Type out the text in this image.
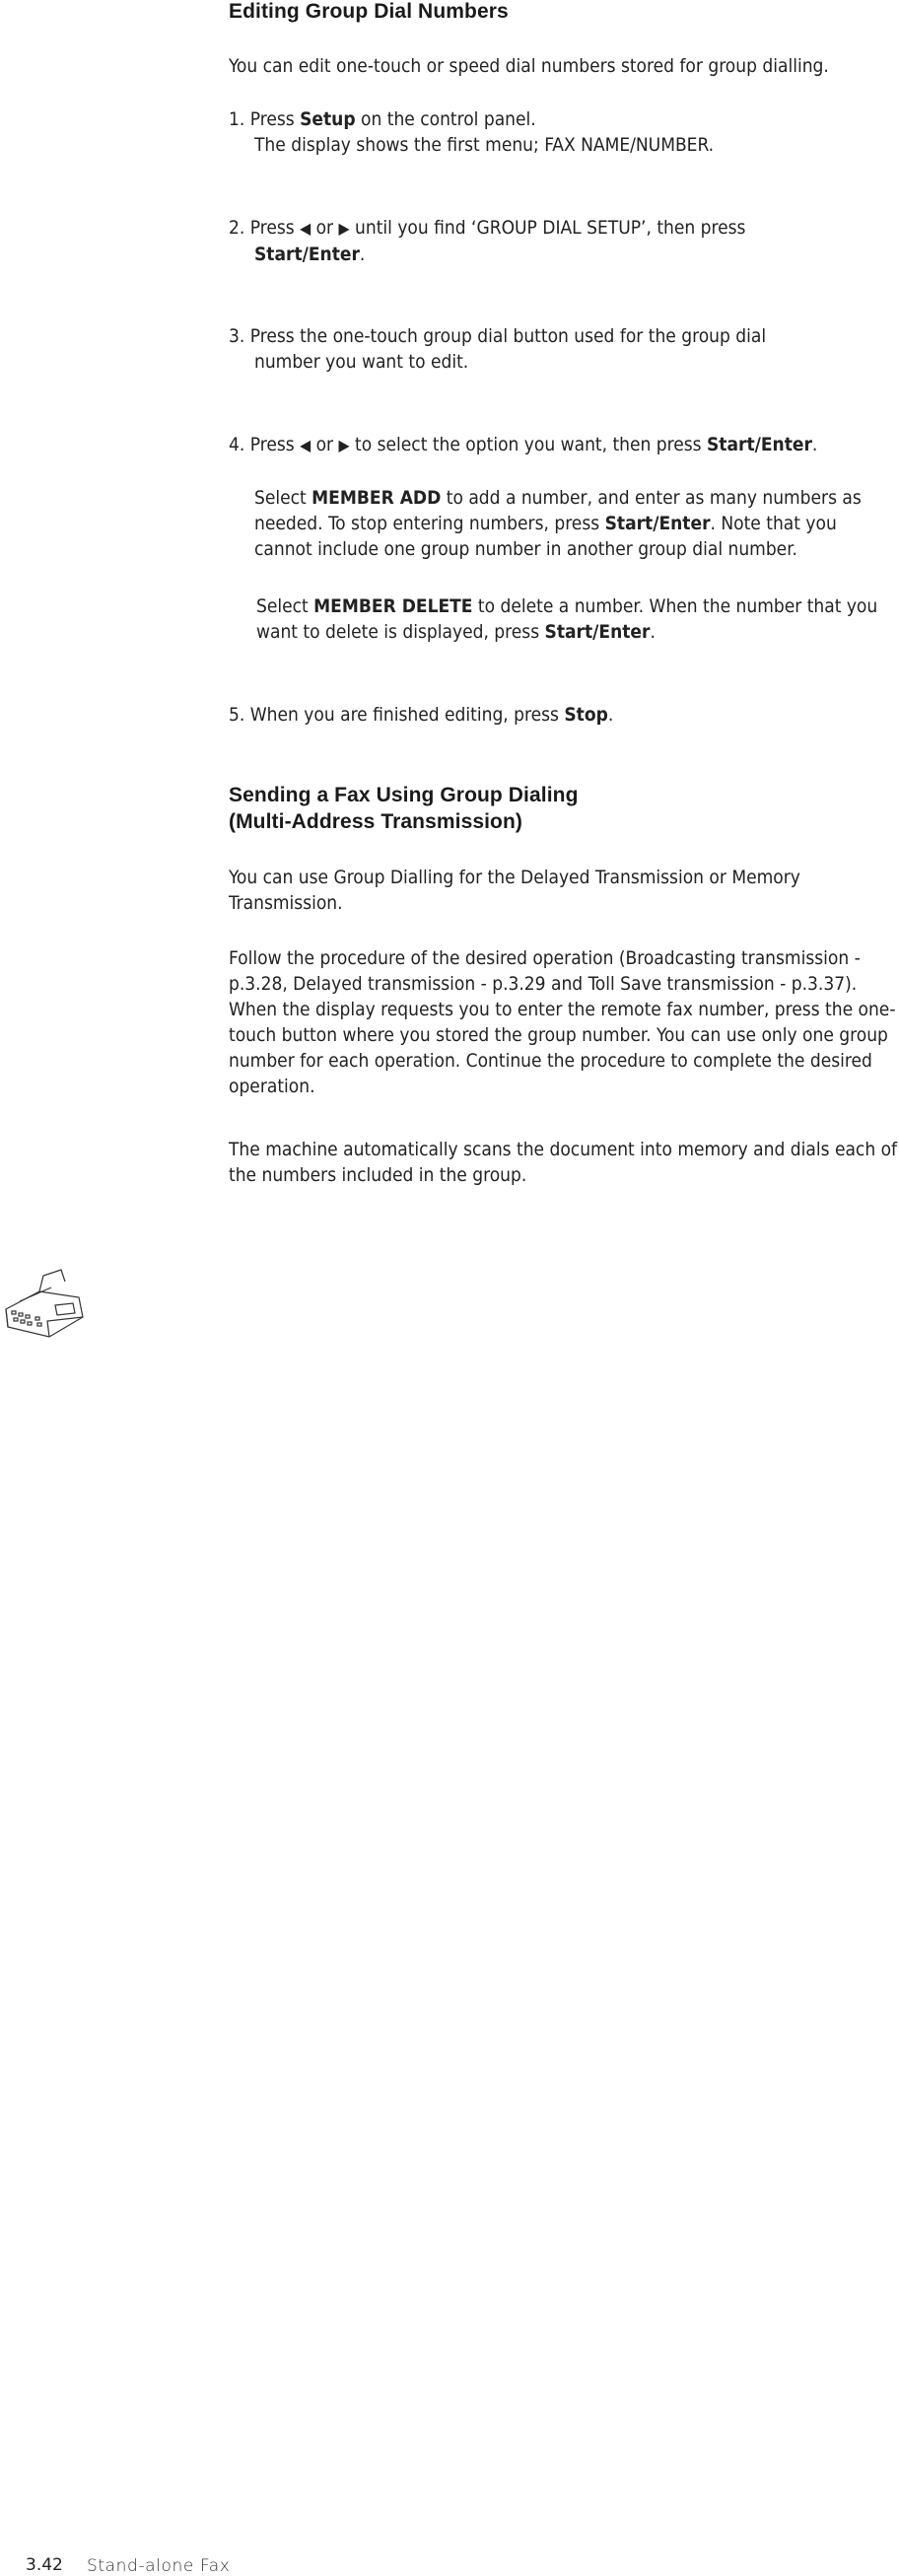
Editing Group Dial Numbers

You can edit one-touch or speed dial numbers stored for group dialling.

1. Press Setup on the control panel.
The display shows the first menu; FAX NAME/NUMBER.
2. Press ◀ or ▶ until you find ‘GROUP DIAL SETUP’, then press
Start/Enter.
3. Press the one-touch group dial button used for the group dial
number you want to edit.
4. Press ◀ or ▶ to select the option you want, then press Start/Enter.
Select MEMBER ADD to add a number, and enter as many numbers as needed. To stop entering numbers, press Start/Enter. Note that you cannot include one group number in another group dial number.
Select MEMBER DELETE to delete a number. When the number that you want to delete is displayed, press Start/Enter.
5. When you are finished editing, press Stop.
Sending a Fax Using Group Dialing
(Multi-Address Transmission)

You can use Group Dialling for the Delayed Transmission or Memory Transmission.

Follow the procedure of the desired operation (Broadcasting transmission - p.3.28, Delayed transmission - p.3.29 and Toll Save transmission - p.3.37). When the display requests you to enter the remote fax number, press the one-touch button where you stored the group number. You can use only one group number for each operation. Continue the procedure to complete the desired operation.

The machine automatically scans the document into memory and dials each of the numbers included in the group.

3.42 Stand-alone Fax
